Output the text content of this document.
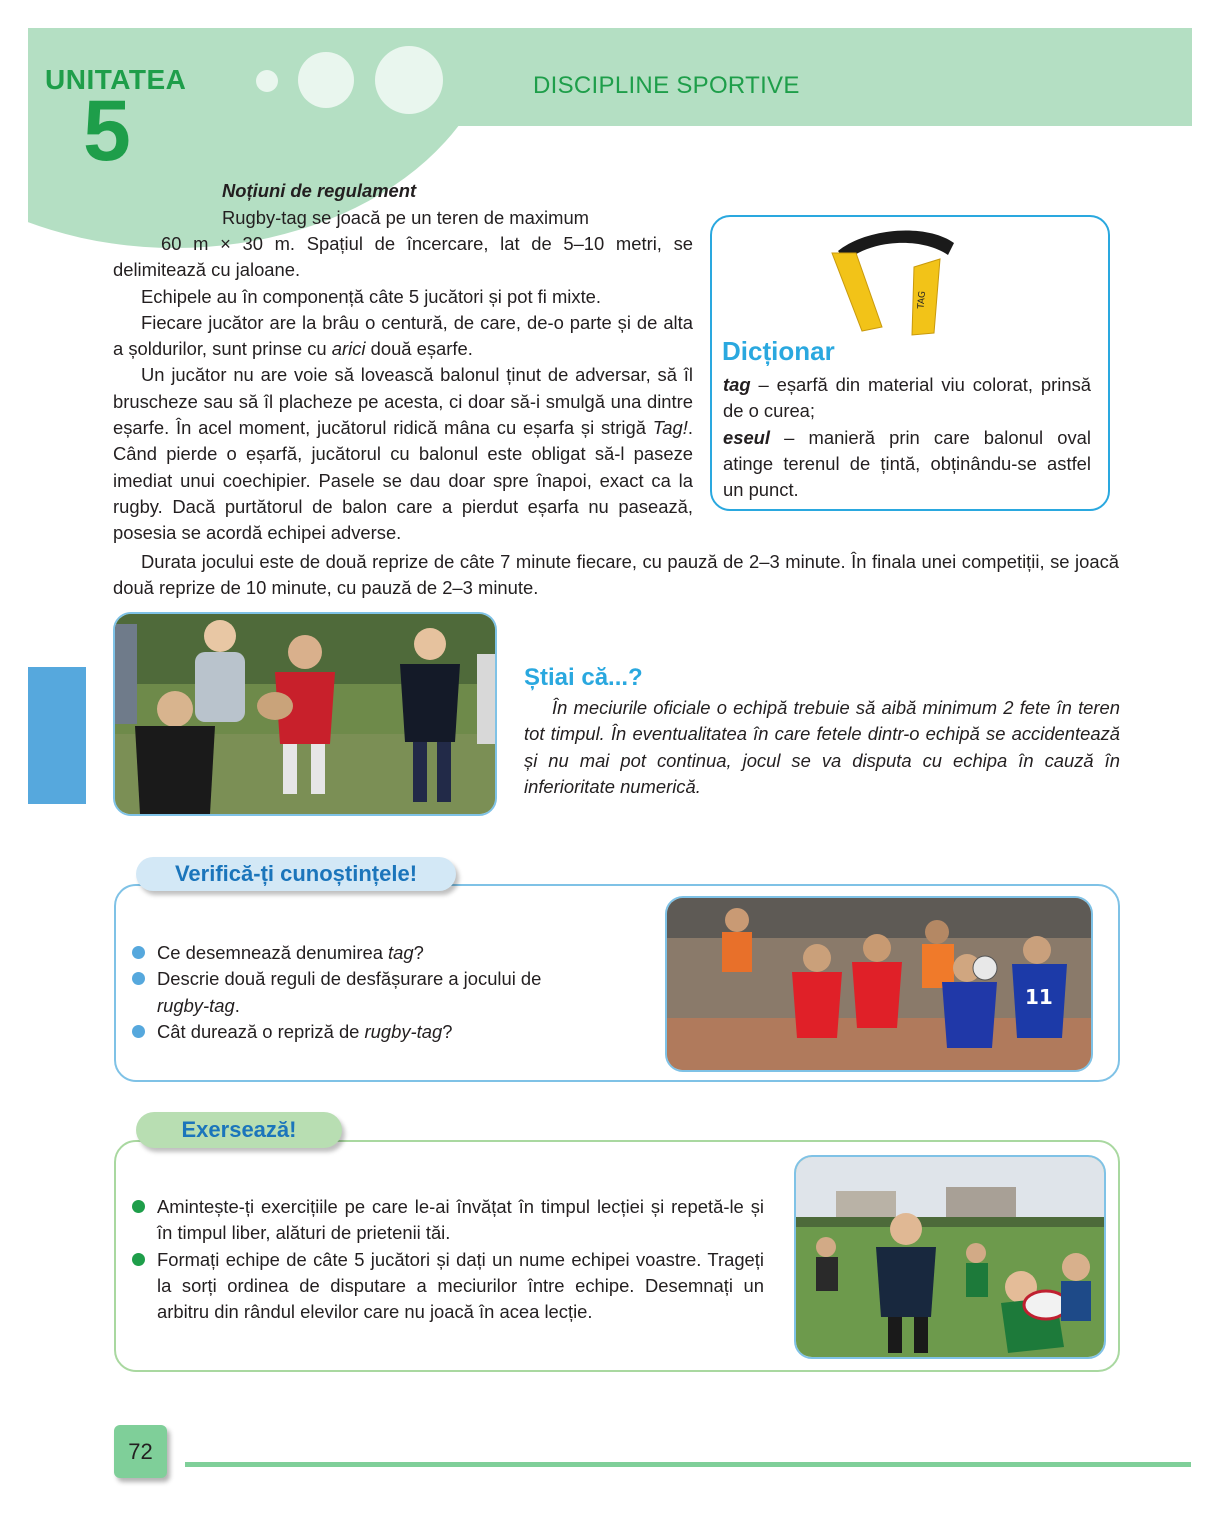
UNITATEA
5	DISCIPLINE SPORTIVE
Noțiuni de regulament

Rugby-tag se joacă pe un teren de maximum

60 m × 30 m. Spațiul de încercare, lat de 5–10 metri, se delimitează cu jaloane.

Echipele au în componență câte 5 jucători și pot fi mixte.

Fiecare jucător are la brâu o centură, de care, de-o parte și de alta a șoldurilor, sunt prinse cu arici două eșarfe.

Un jucător nu are voie să lovească balonul ținut de adversar, să îl bruscheze sau să îl placheze pe acesta, ci doar să-i smulgă una dintre eșarfe. În acel moment, jucătorul ridică mâna cu eșarfa și strigă Tag!. Când pierde o eșarfă, jucătorul cu balonul este obligat să-l paseze imediat unui coechipier. Pasele se dau doar spre înapoi, exact ca la rugby. Dacă purtătorul de balon care a pierdut eșarfa nu pasează, posesia se acordă echipei adverse.

Durata jocului este de două reprize de câte 7 minute fiecare, cu pauză de 2–3 minute. În finala unei competiții, se joacă două reprize de 10 minute, cu pauză de 2–3 minute.

TAG
Dicționar

tag – eșarfă din material viu colorat, prinsă de o curea;

eseul – manieră prin care balonul oval atinge terenul de țintă, obținându-se astfel un punct.

Știai că...?

În meciurile oficiale o echipă trebuie să aibă minimum 2 fete în teren tot timpul. În eventualitatea în care fetele dintr-o echipă se accidentează și nu mai pot continua, jocul se va disputa cu echipa în cauză în inferioritate numerică.

Verifică-ți cunoștințele!
Ce desemnează denumirea tag?
Descrie două reguli de desfășurare a jocului de rugby-tag.
Cât durează o repriză de rugby-tag?
11
Exersează!
Amintește-ți exercițiile pe care le-ai învățat în timpul lecției și repetă-le și în timpul liber, alături de prietenii tăi.
Formați echipe de câte 5 jucători și dați un nume echipei voastre. Trageți la sorți ordinea de disputare a meciurilor între echipe. Desemnați un arbitru din rândul elevilor care nu joacă în acea lecție.
72
